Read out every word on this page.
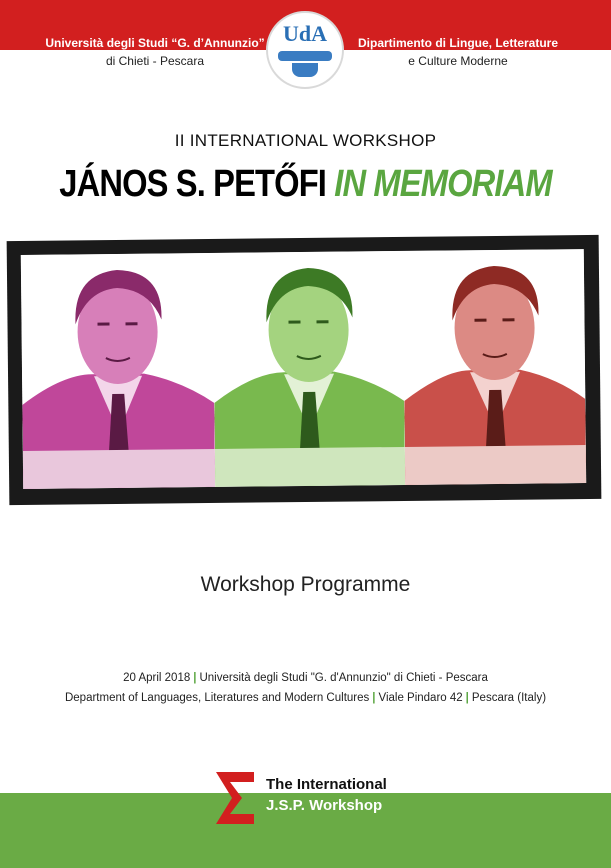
Università degli Studi “G. d’Annunzio”
di Chieti - Pescara
UdA	Dipartimento di Lingue, Letterature
e Culture Moderne
II INTERNATIONAL WORKSHOP
JÁNOS S. PETŐFI IN MEMORIAM
Workshop Programme
20 April 2018 | Università degli Studi "G. d'Annunzio" di Chieti - Pescara
Department of Languages, Literatures and Modern Cultures | Viale Pindaro 42 | Pescara (Italy)
The International
J.S.P. Workshop
